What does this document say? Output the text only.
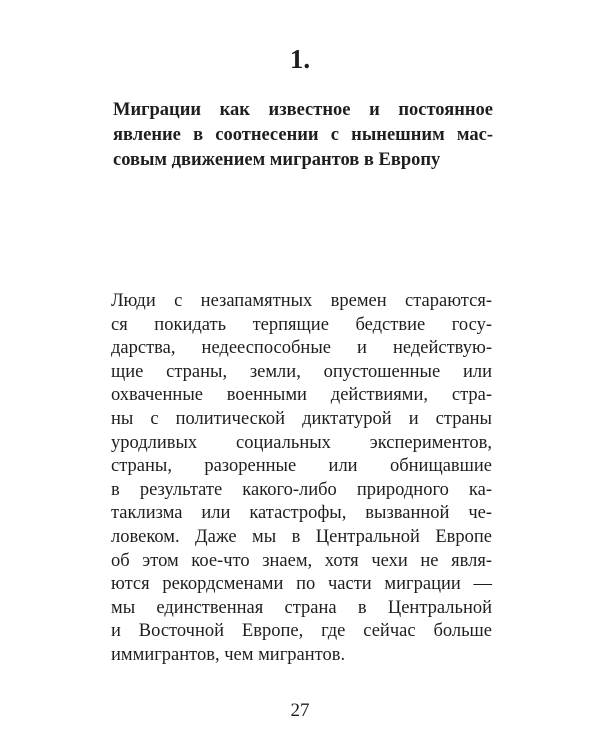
1.
Миграции как известное и постоянное
явление в соотнесении с нынешним мас-
совым движением мигрантов в Европу
Люди с незапамятных времен стараются-
ся покидать терпящие бедствие госу-
дарства, недееспособные и недействую-
щие страны, земли, опустошенные или
охваченные военными действиями, стра-
ны с политической диктатурой и страны
уродливых социальных экспериментов,
страны, разоренные или обнищавшие
в результате какого-либо природного ка-
таклизма или катастрофы, вызванной че-
ловеком. Даже мы в Центральной Европе
об этом кое-что знаем, хотя чехи не явля-
ются рекордсменами по части миграции —
мы единственная страна в Центральной
и Восточной Европе, где сейчас больше
иммигрантов, чем мигрантов.
27
